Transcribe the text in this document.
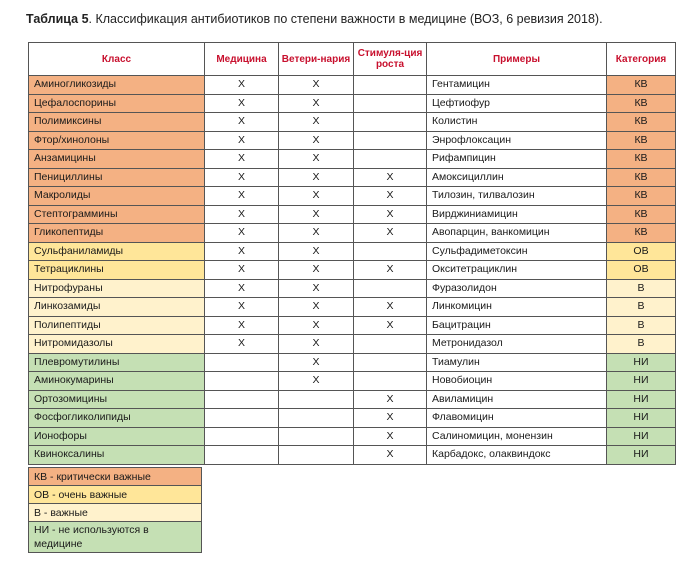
Таблица 5. Классификация антибиотиков по степени важности в медицине (ВОЗ, 6 ревизия 2018).
Класс	Медицина	Ветери-нария	Стимуля-ция роста	Примеры	Категория
Аминогликозиды	X	X		Гентамицин	КВ
Цефалоспорины	X	X		Цефтиофур	КВ
Полимиксины	X	X		Колистин	КВ
Фтор/хинолоны	X	X		Энрофлоксацин	КВ
Анзамицины	X	X		Рифампицин	КВ
Пенициллины	X	X	X	Амоксициллин	КВ
Макролиды	X	X	X	Тилозин, тилвалозин	КВ
Стептограммины	X	X	X	Вирджиниамицин	КВ
Гликопептиды	X	X	X	Авопарцин, ванкомицин	КВ
Сульфаниламиды	X	X		Сульфадиметоксин	ОВ
Тетрациклины	X	X	X	Окситетрациклин	ОВ
Нитрофураны	X	X		Фуразолидон	В
Линкозамиды	X	X	X	Линкомицин	В
Полипептиды	X	X	X	Бацитрацин	В
Нитромидазолы	X	X		Метронидазол	В
Плевромутилины		X		Тиамулин	НИ
Аминокумарины		X		Новобиоцин	НИ
Ортозомицины			X	Авиламицин	НИ
Фосфогликолипиды			X	Флавомицин	НИ
Ионофоры			X	Салиномицин, монензин	НИ
Квиноксалины			X	Карбадокс, олаквиндокс	НИ
КВ - критически важные
ОВ - очень важные
В - важные
НИ - не используются в медицине
